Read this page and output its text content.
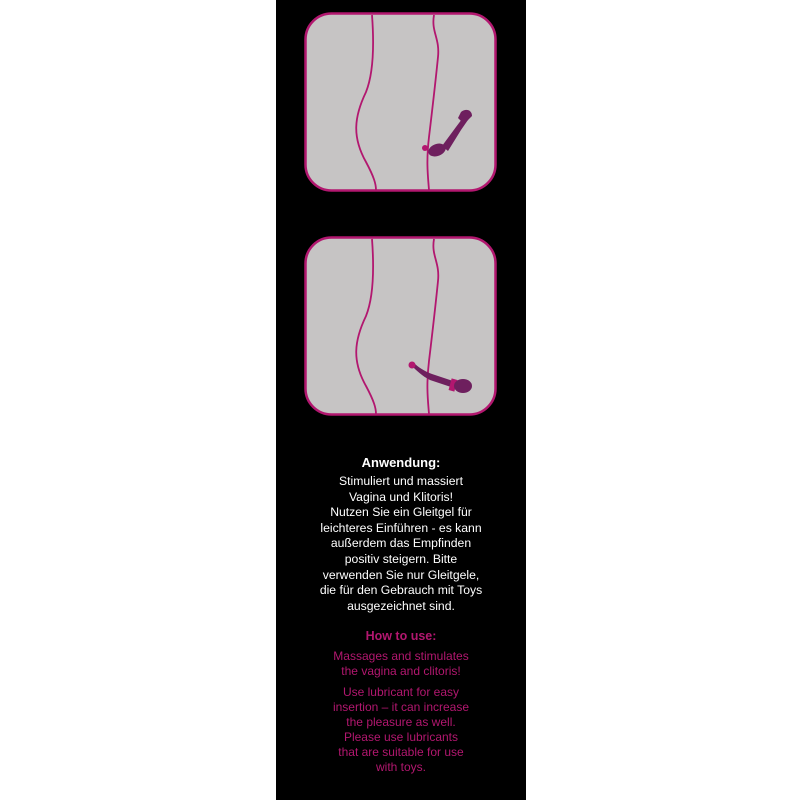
Anwendung:
Stimuliert und massiert
Vagina und Klitoris!
Nutzen Sie ein Gleitgel für
leichteres Einführen - es kann
außerdem das Empfinden
positiv steigern. Bitte
verwenden Sie nur Gleitgele,
die für den Gebrauch mit Toys
ausgezeichnet sind.
How to use:
Massages and stimulates
the vagina and clitoris!
Use lubricant for easy
insertion – it can increase
the pleasure as well.
Please use lubricants
that are suitable for use
with toys.
